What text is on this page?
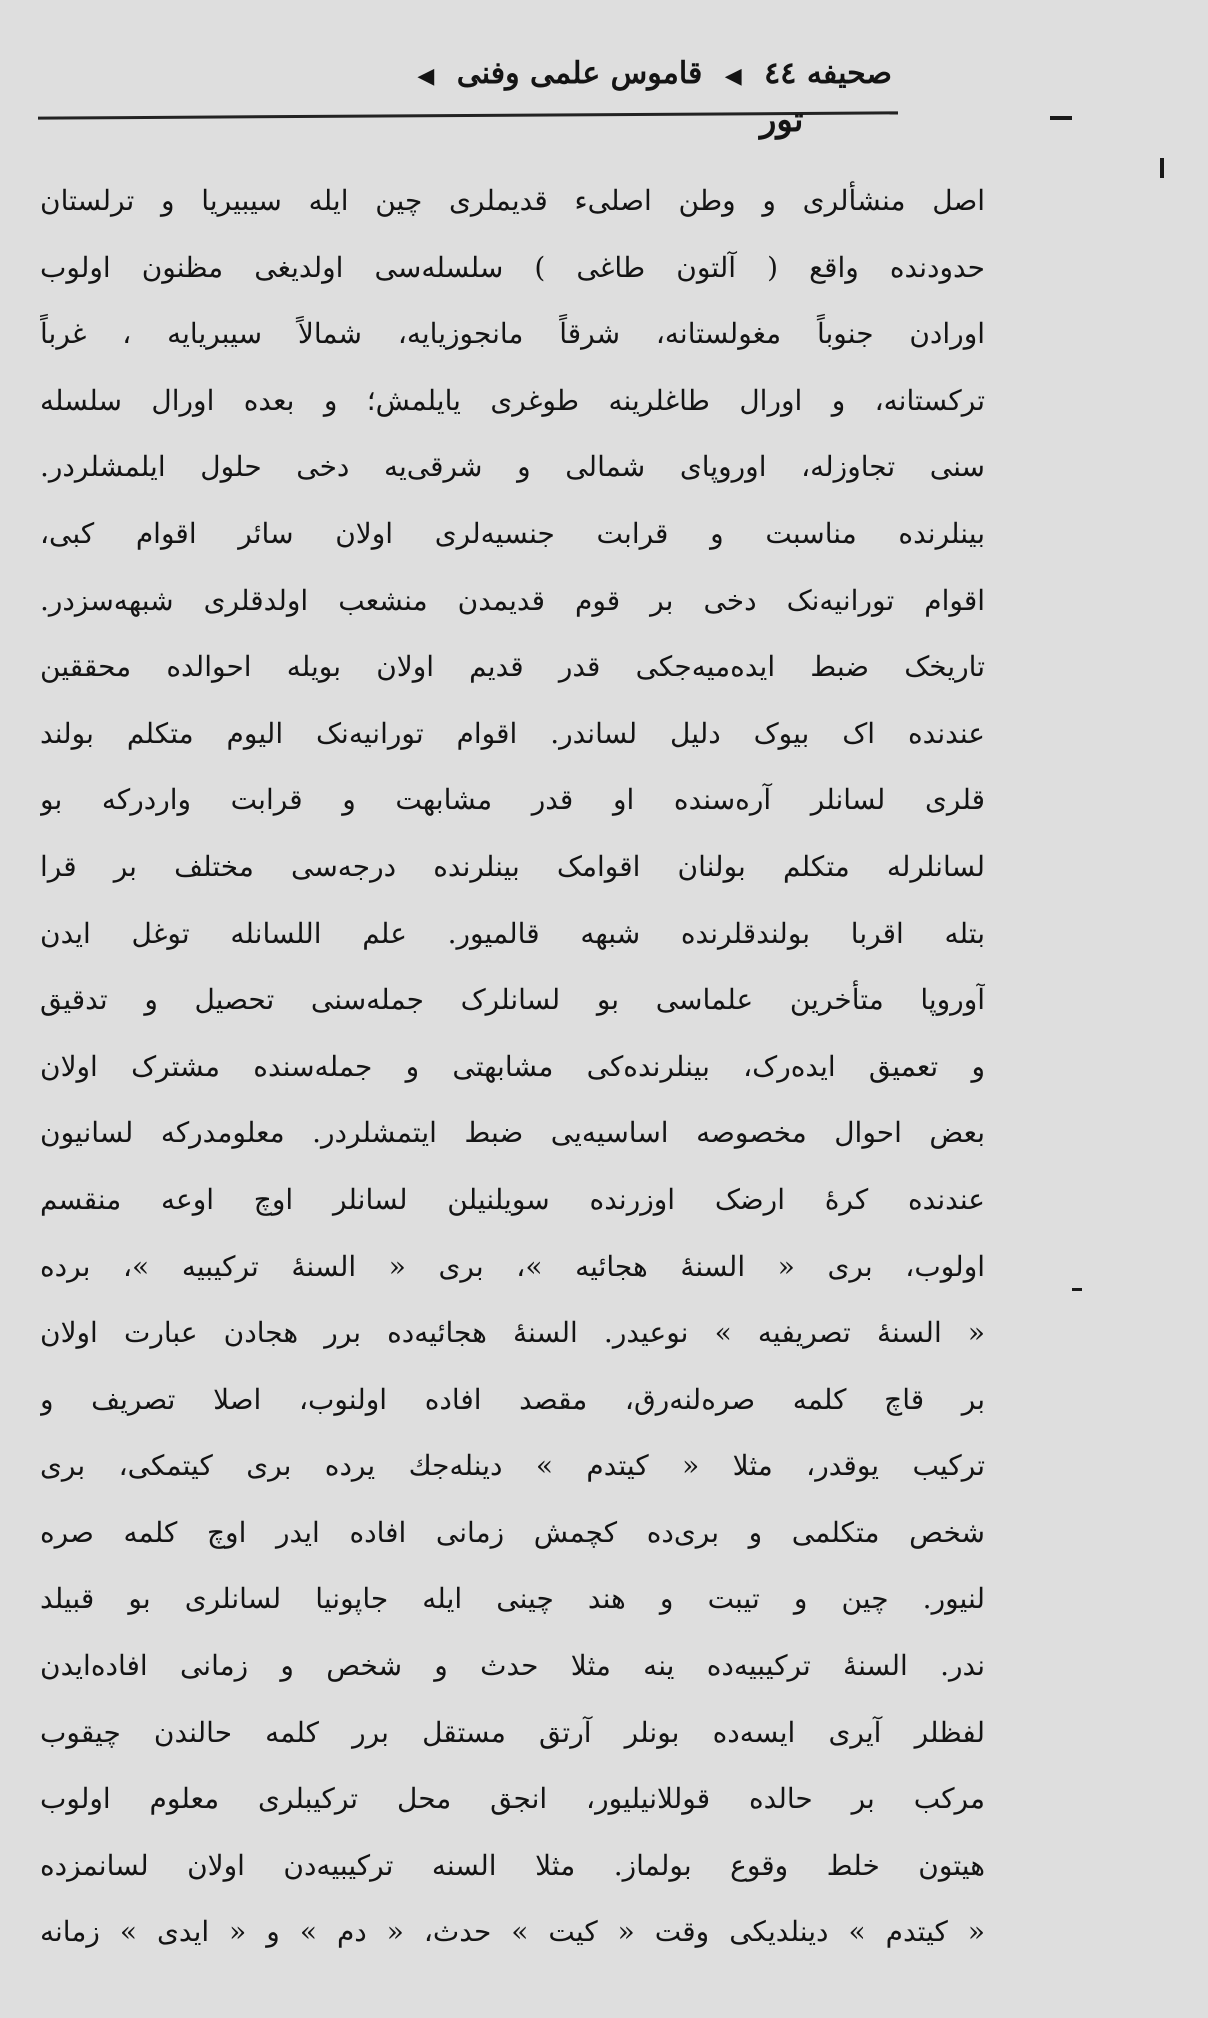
صحيفه ٤٤ ◀ قاموس علمی وفنی ◀
تور
اصل منشألری و وطن اصلیء قدیملری چین ایله سیبیریا و ترلستان
حدودنده واقع ( آلتون طاغی ) سلسله‌سی اولدیغی مظنون اولوب
اورادن جنوباً مغولستانه، شرقاً مانجوزیایه، شمالاً سیبریایه ، غرباً
ترکستانه، و اورال طاغلرینه طوغری یایلمش؛ و بعده اورال سلسله
سنی تجاوزله، اوروپای شمالی و شرقی‌یه دخی حلول ایلمشلردر.
بینلرنده مناسبت و قرابت جنسیه‌لری اولان سائر اقوام کبی،
اقوام تورانیه‌نک دخی بر قوم قدیمدن منشعب اولدقلری شبهه‌سزدر.
تاریخک ضبط ایده‌میه‌جکی قدر قدیم اولان بویله احوالده محققین
عندنده اک بیوک دلیل لساندر. اقوام تورانیه‌نک الیوم متکلم بولند
قلری لسانلر آره‌سنده او قدر مشابهت و قرابت واردرکه بو
لسانلرله متکلم بولنان اقوامک بینلرنده درجه‌سی مختلف بر قرا
بتله اقربا بولندقلرنده شبهه قالمیور. علم اللسانله توغل ایدن
آوروپا متأخرین علماسی بو لسانلرک جمله‌سنی تحصیل و تدقیق
و تعمیق ایدەرک، بینلرنده‌کی مشابهتی و جمله‌سنده مشترک اولان
بعض احوال مخصوصه اساسیه‌یی ضبط ایتمشلردر. معلومدرکه لسانیون
عندنده کرهٔ ارضک اوزرنده سویلنیلن لسانلر اوچ اوعه منقسم
اولوب، بری « السنهٔ هجائیه »، بری « السنهٔ ترکیبیه »، برده
« السنهٔ تصریفیه » نوعیدر. السنهٔ هجائیه‌ده برر هجادن عبارت اولان
بر قاچ کلمه صره‌لنه‌رق، مقصد افاده اولنوب، اصلا تصریف و
ترکیب یوقدر، مثلا « کیتدم » دینله‌جك یرده بری کیتمکی، بری
شخص متکلمی و بری‌ده کچمش زمانی افاده ایدر اوچ کلمه صره
لنیور. چین و تیبت و هند چینی ایله جاپونیا لسانلری بو قبیلد
ندر. السنهٔ ترکیبیه‌ده ینه مثلا حدث و شخص و زمانی افاده‌ایدن
لفظلر آیری ایسه‌ده بونلر آرتق مستقل برر کلمه حالندن چیقوب
مرکب بر حالده قوللانیلیور، انجق محل ترکیبلری معلوم اولوب
هیتون خلط وقوع بولماز. مثلا السنه ترکیبیه‌دن اولان لسانمزده
« کیتدم » دینلدیکی وقت « کیت » حدث، « دم » و « ایدی » زمانه
